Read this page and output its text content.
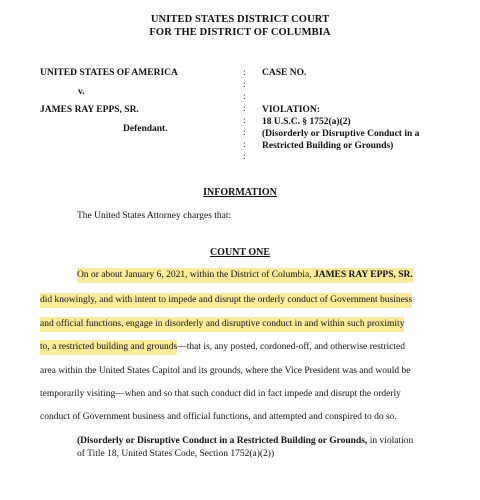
UNITED STATES DISTRICT COURT
FOR THE DISTRICT OF COLUMBIA
UNITED STATES OF AMERICA
v.
JAMES RAY EPPS, SR.
Defendant.
:
:
:
:
:
:
:
:
CASE NO.
VIOLATION:
18 U.S.C. § 1752(a)(2)
(Disorderly or Disruptive Conduct in a
Restricted Building or Grounds)
INFORMATION
The United States Attorney charges that:
COUNT ONE
On or about January 6, 2021, within the District of Columbia, JAMES RAY EPPS, SR.
did knowingly, and with intent to impede and disrupt the orderly conduct of Government business
and official functions, engage in disorderly and disruptive conduct in and within such proximity
to, a restricted building and grounds—that is, any posted, cordoned-off, and otherwise restricted
area within the United States Capitol and its grounds, where the Vice President was and would be
temporarily visiting—when and so that such conduct did in fact impede and disrupt the orderly
conduct of Government business and official functions, and attempted and conspired to do so.
(Disorderly or Disruptive Conduct in a Restricted Building or Grounds, in violation
of Title 18, United States Code, Section 1752(a)(2))
